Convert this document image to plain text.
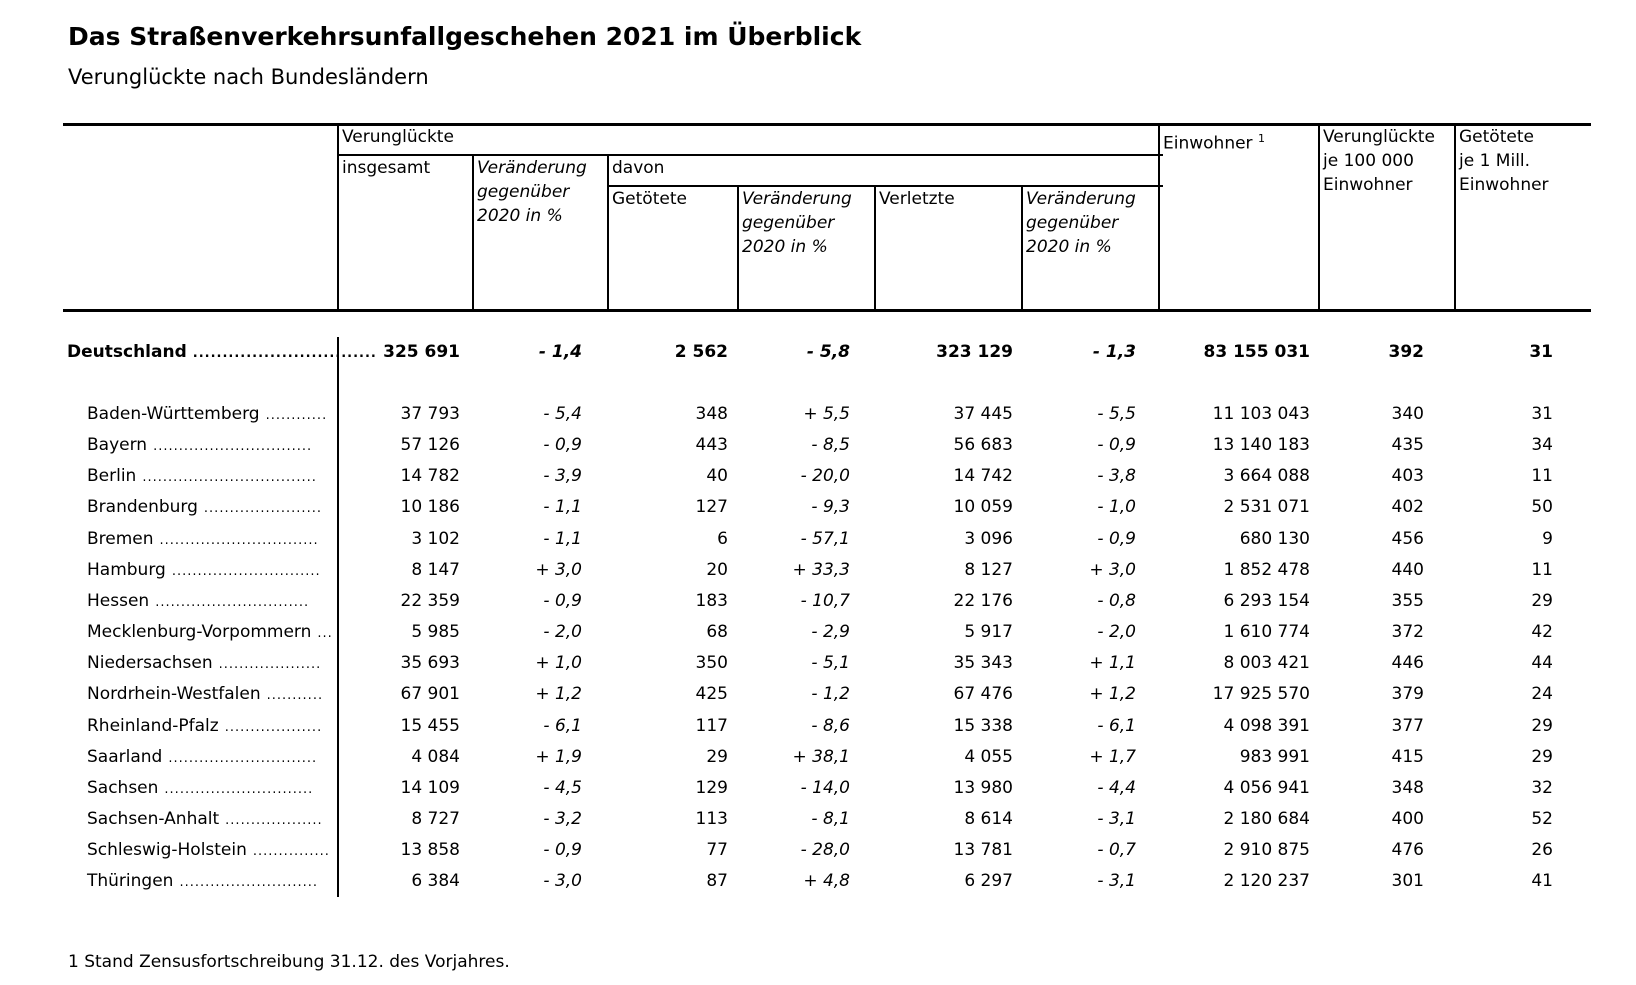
Das Straßenverkehrsunfallgeschehen 2021 im Überblick
Verunglückte nach Bundesländern
Verunglückte
insgesamt	Veränderung
gegenüber
2020 in %
davon
Getötete	Veränderung
gegenüber
2020 in %
Verletzte	Veränderung
gegenüber
2020 in %
Einwohner $^1$	Verunglückte
je 100 000
Einwohner
Getötete
je 1 Mill.
Einwohner
Deutschland ............................... 325 691	- 1,4	2 562	- 5,8	323 129	- 1,3	83 155 031	392	31
Baden-Württemberg ............	37 793	- 5,4	348	+ 5,5	37 445	- 5,5	11 103 043	340	31
Bayern ...............................	57 126	- 0,9	443	- 8,5	56 683	- 0,9	13 140 183	435	34
Berlin ..................................	14 782	- 3,9	40	- 20,0	14 742	- 3,8	3 664 088	403	11
Brandenburg .......................	10 186	- 1,1	127	- 9,3	10 059	- 1,0	2 531 071	402	50
Bremen ...............................	3 102	- 1,1	6	- 57,1	3 096	- 0,9	680 130	456	9
Hamburg .............................	8 147	+ 3,0	20	+ 33,3	8 127	+ 3,0	1 852 478	440	11
Hessen ..............................	22 359	- 0,9	183	- 10,7	22 176	- 0,8	6 293 154	355	29
Mecklenburg-Vorpommern ...	5 985	- 2,0	68	- 2,9	5 917	- 2,0	1 610 774	372	42
Niedersachsen ....................	35 693	+ 1,0	350	- 5,1	35 343	+ 1,1	8 003 421	446	44
Nordrhein-Westfalen ...........	67 901	+ 1,2	425	- 1,2	67 476	+ 1,2	17 925 570	379	24
Rheinland-Pfalz ...................	15 455	- 6,1	117	- 8,6	15 338	- 6,1	4 098 391	377	29
Saarland .............................	4 084	+ 1,9	29	+ 38,1	4 055	+ 1,7	983 991	415	29
Sachsen .............................	14 109	- 4,5	129	- 14,0	13 980	- 4,4	4 056 941	348	32
Sachsen-Anhalt ...................	8 727	- 3,2	113	- 8,1	8 614	- 3,1	2 180 684	400	52
Schleswig-Holstein ...............	13 858	- 0,9	77	- 28,0	13 781	- 0,7	2 910 875	476	26
Thüringen ...........................	6 384	- 3,0	87	+ 4,8	6 297	- 3,1	2 120 237	301	41
1 Stand Zensusfortschreibung 31.12. des Vorjahres.
